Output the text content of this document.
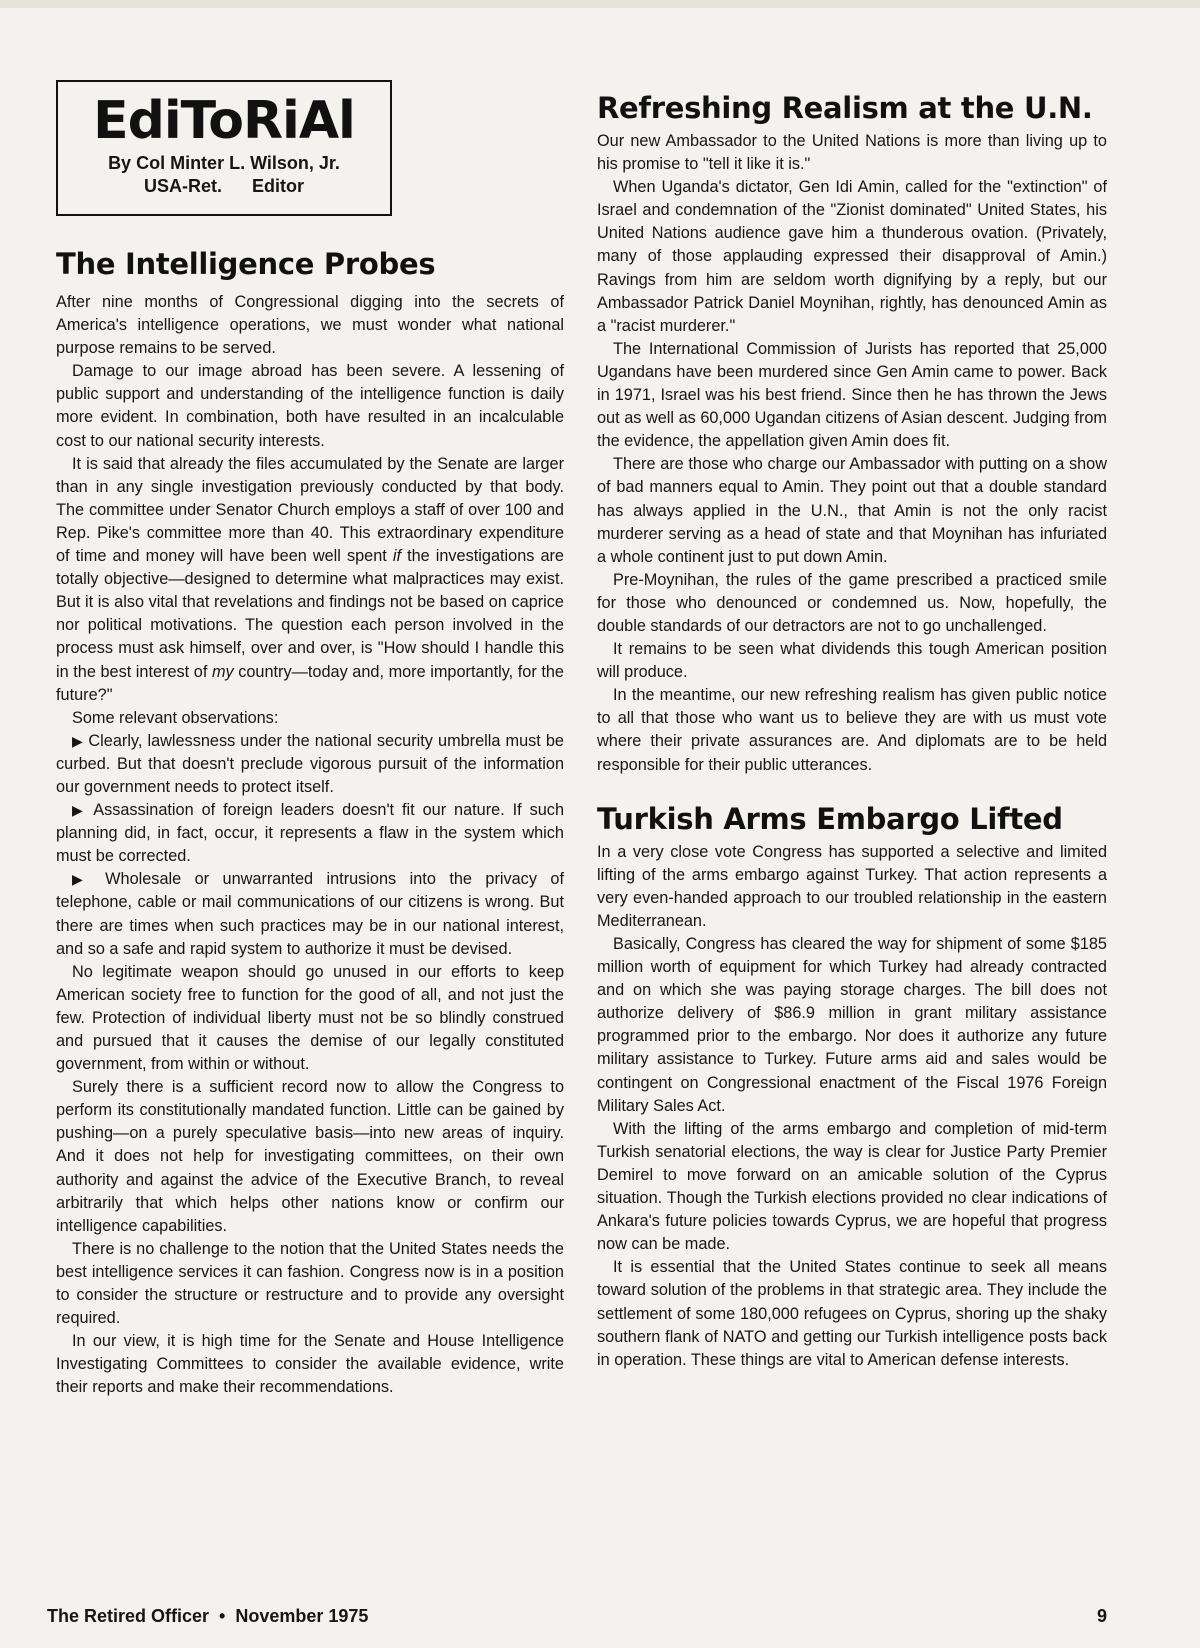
EdiToRiAl
By Col Minter L. Wilson, Jr.
USA-Ret.      Editor
The Intelligence Probes

After nine months of Congressional digging into the secrets of America's intelligence operations, we must wonder what national purpose remains to be served.

Damage to our image abroad has been severe. A lessening of public support and understanding of the intelligence function is daily more evident. In combination, both have resulted in an incalculable cost to our national security interests.

It is said that already the files accumulated by the Senate are larger than in any single investigation previously conducted by that body. The committee under Senator Church employs a staff of over 100 and Rep. Pike's committee more than 40. This extraordinary expenditure of time and money will have been well spent if the investigations are totally objective—designed to determine what malpractices may exist. But it is also vital that revelations and findings not be based on caprice nor political motivations. The question each person involved in the process must ask himself, over and over, is "How should I handle this in the best interest of my country—today and, more importantly, for the future?"

Some relevant observations:

▶ Clearly, lawlessness under the national security umbrella must be curbed. But that doesn't preclude vigorous pursuit of the information our government needs to protect itself.

▶ Assassination of foreign leaders doesn't fit our nature. If such planning did, in fact, occur, it represents a flaw in the system which must be corrected.

▶ Wholesale or unwarranted intrusions into the privacy of telephone, cable or mail communications of our citizens is wrong. But there are times when such practices may be in our national interest, and so a safe and rapid system to authorize it must be devised.

No legitimate weapon should go unused in our efforts to keep American society free to function for the good of all, and not just the few. Protection of individual liberty must not be so blindly construed and pursued that it causes the demise of our legally constituted government, from within or without.

Surely there is a sufficient record now to allow the Congress to perform its constitutionally mandated function. Little can be gained by pushing—on a purely speculative basis—into new areas of inquiry. And it does not help for investigating committees, on their own authority and against the advice of the Executive Branch, to reveal arbitrarily that which helps other nations know or confirm our intelligence capabilities.

There is no challenge to the notion that the United States needs the best intelligence services it can fashion. Congress now is in a position to consider the structure or restructure and to provide any oversight required.

In our view, it is high time for the Senate and House Intelligence Investigating Committees to consider the available evidence, write their reports and make their recommendations.

Refreshing Realism at the U.N.

Our new Ambassador to the United Nations is more than living up to his promise to "tell it like it is."

When Uganda's dictator, Gen Idi Amin, called for the "extinction" of Israel and condemnation of the "Zionist dominated" United States, his United Nations audience gave him a thunderous ovation. (Privately, many of those applauding expressed their disapproval of Amin.) Ravings from him are seldom worth dignifying by a reply, but our Ambassador Patrick Daniel Moynihan, rightly, has denounced Amin as a "racist murderer."

The International Commission of Jurists has reported that 25,000 Ugandans have been murdered since Gen Amin came to power. Back in 1971, Israel was his best friend. Since then he has thrown the Jews out as well as 60,000 Ugandan citizens of Asian descent. Judging from the evidence, the appellation given Amin does fit.

There are those who charge our Ambassador with putting on a show of bad manners equal to Amin. They point out that a double standard has always applied in the U.N., that Amin is not the only racist murderer serving as a head of state and that Moynihan has infuriated a whole continent just to put down Amin.

Pre-Moynihan, the rules of the game prescribed a practiced smile for those who denounced or condemned us. Now, hopefully, the double standards of our detractors are not to go unchallenged.

It remains to be seen what dividends this tough American position will produce.

In the meantime, our new refreshing realism has given public notice to all that those who want us to believe they are with us must vote where their private assurances are. And diplomats are to be held responsible for their public utterances.

Turkish Arms Embargo Lifted

In a very close vote Congress has supported a selective and limited lifting of the arms embargo against Turkey. That action represents a very even-handed approach to our troubled relationship in the eastern Mediterranean.

Basically, Congress has cleared the way for shipment of some $185 million worth of equipment for which Turkey had already contracted and on which she was paying storage charges. The bill does not authorize delivery of $86.9 million in grant military assistance programmed prior to the embargo. Nor does it authorize any future military assistance to Turkey. Future arms aid and sales would be contingent on Congressional enactment of the Fiscal 1976 Foreign Military Sales Act.

With the lifting of the arms embargo and completion of mid-term Turkish senatorial elections, the way is clear for Justice Party Premier Demirel to move forward on an amicable solution of the Cyprus situation. Though the Turkish elections provided no clear indications of Ankara's future policies towards Cyprus, we are hopeful that progress now can be made.

It is essential that the United States continue to seek all means toward solution of the problems in that strategic area. They include the settlement of some 180,000 refugees on Cyprus, shoring up the shaky southern flank of NATO and getting our Turkish intelligence posts back in operation. These things are vital to American defense interests.

The Retired Officer  •  November 1975	9
